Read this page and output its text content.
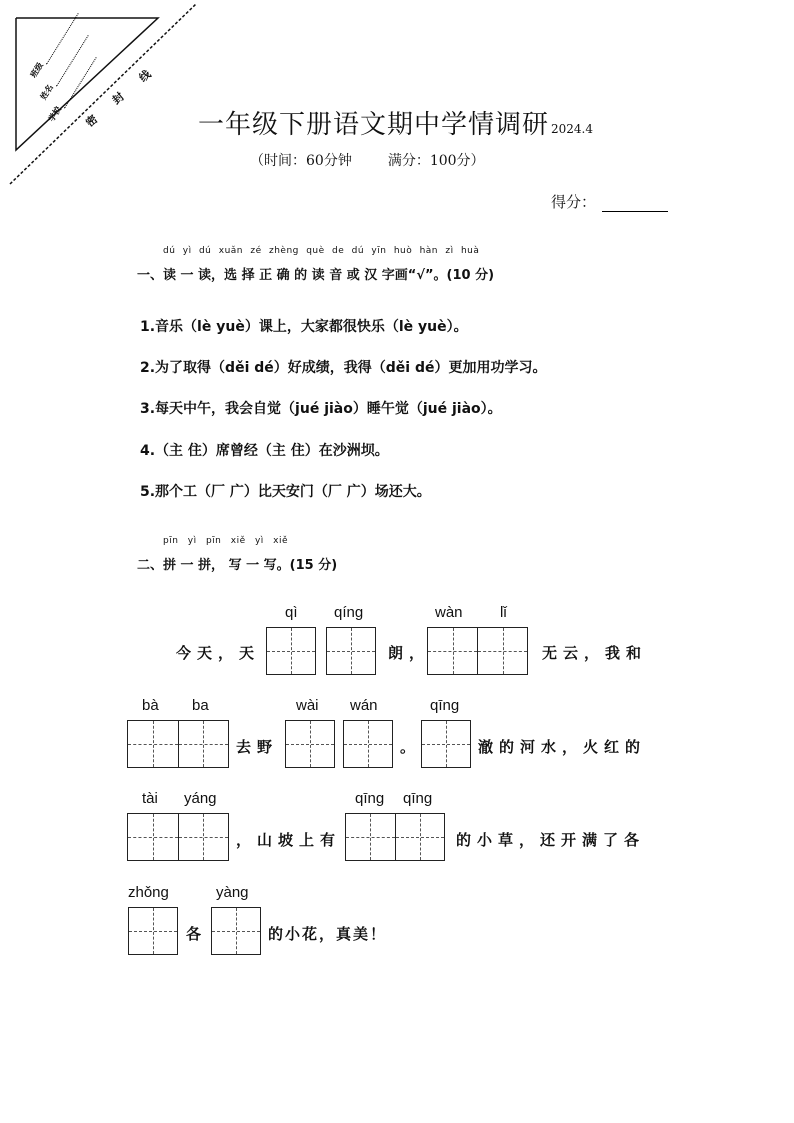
班级
姓名
学校	密 封 线 一年级下册语文期中学情调研 2024.4
（时间：60分钟	满分：100分）
得分：
dú yì dú xuǎn zé zhèng què de dú yīn huò hàn zì huà
一、读 一 读，选 择 正 确 的 读 音 或 汉 字画“√”。(10 分)
1.音乐（lè yuè）课上，大家都很快乐（lè yuè）。
2.为了取得（děi dé）好成绩，我得（děi dé）更加用功学习。
3.每天中午，我会自觉（jué jiào）睡午觉（jué jiào）。
4.（主 住）席曾经（主 住）在沙洲坝。
5.那个工（厂 广）比天安门（厂 广）场还大。
pīn yì pīn xiě yì xiě
二、拼 一 拼， 写 一 写。(15 分)
今天，天
qì qíng
朗，
wàn lǐ
无云，我和
bà ba
去野
wài wán
。
qīng
澈的河水，火红的
tài yáng
，山坡上有
qīng qīng
的小草，还开满了各
zhǒng	yàng
各	的小花，真美！
